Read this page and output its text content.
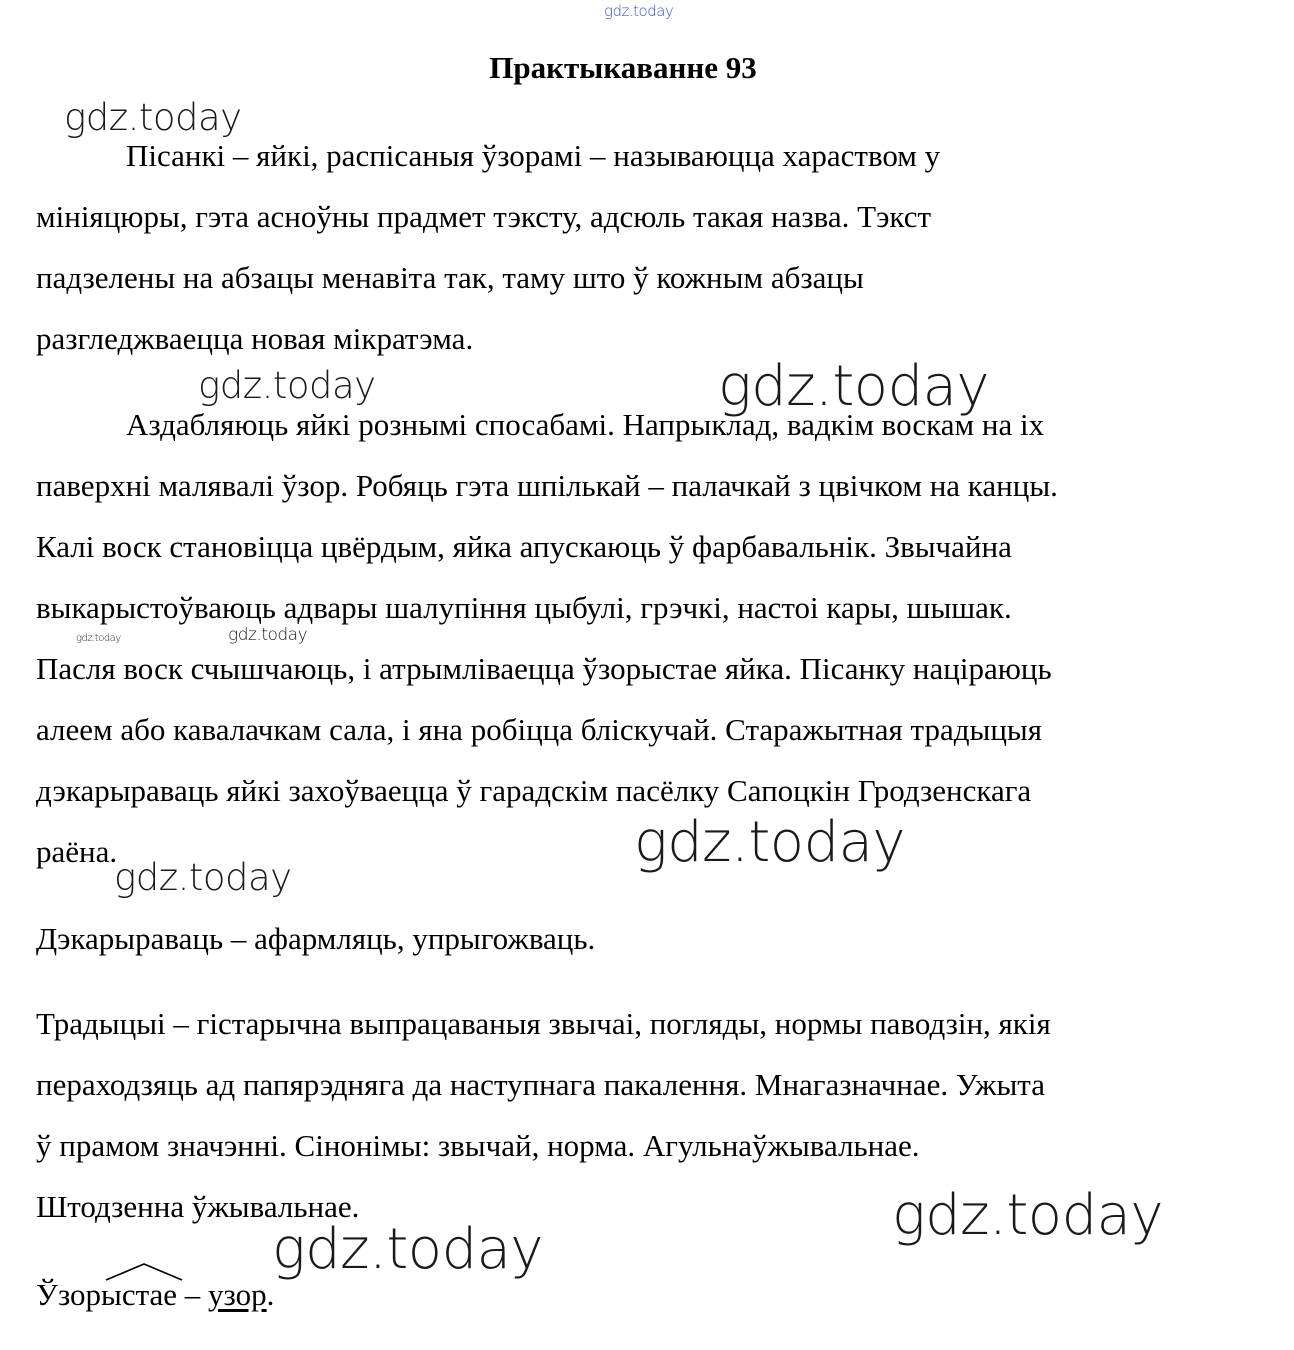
gdz.today
gdz.today
gdz.today	gdz.today
gdz.today	gdz.today
gdz.today
gdz.today
gdz.today
gdz.today
Практыкаванне 93
Пісанкі – яйкі, распісаныя ўзорамі – называюцца харaством у
мініяцюры, гэта асноўны прадмет тэксту, адсюль такая назва. Тэкст
падзелены на абзацы менавіта так, таму што ў кожным абзацы
разгледжваецца новая мікратэма.
Аздабляюць яйкі рознымі спосабамі. Напрыклад, вадкім воскам на іх
паверхні малявалі ўзор. Робяць гэта шпількай – палачкай з цвічком на канцы.
Калі воск становіцца цвёрдым, яйка апускаюць ў фарбавальнік. Звычайна
выкарыстоўваюць адвары шалупіння цыбулі, грэчкі, настоі кары, шышак.
Пасля воск счышчаюць, і атрымліваецца ўзорыстае яйка. Пісанку націраюць
алеем або кавалачкам сала, і яна робіцца бліскучай. Старажытная традыцыя
дэкарыраваць яйкі захоўваецца ў гарадскім пасёлку Сапоцкін Гродзенскага
раёна.
Дэкарыраваць – афармляць, упрыгожваць.
Традыцыі – гістарычна выпрацаваныя звычаі, погляды, нормы паводзін, якія
пераходзяць ад папярэдняга да наступнага пакалення. Мнагазначнае. Ужыта
ў прамом значэнні. Сінонімы: звычай, норма. Агульнаўжывальнае.
Штодзенна ўжывальнае.
Ўзорыстае
– узор.
